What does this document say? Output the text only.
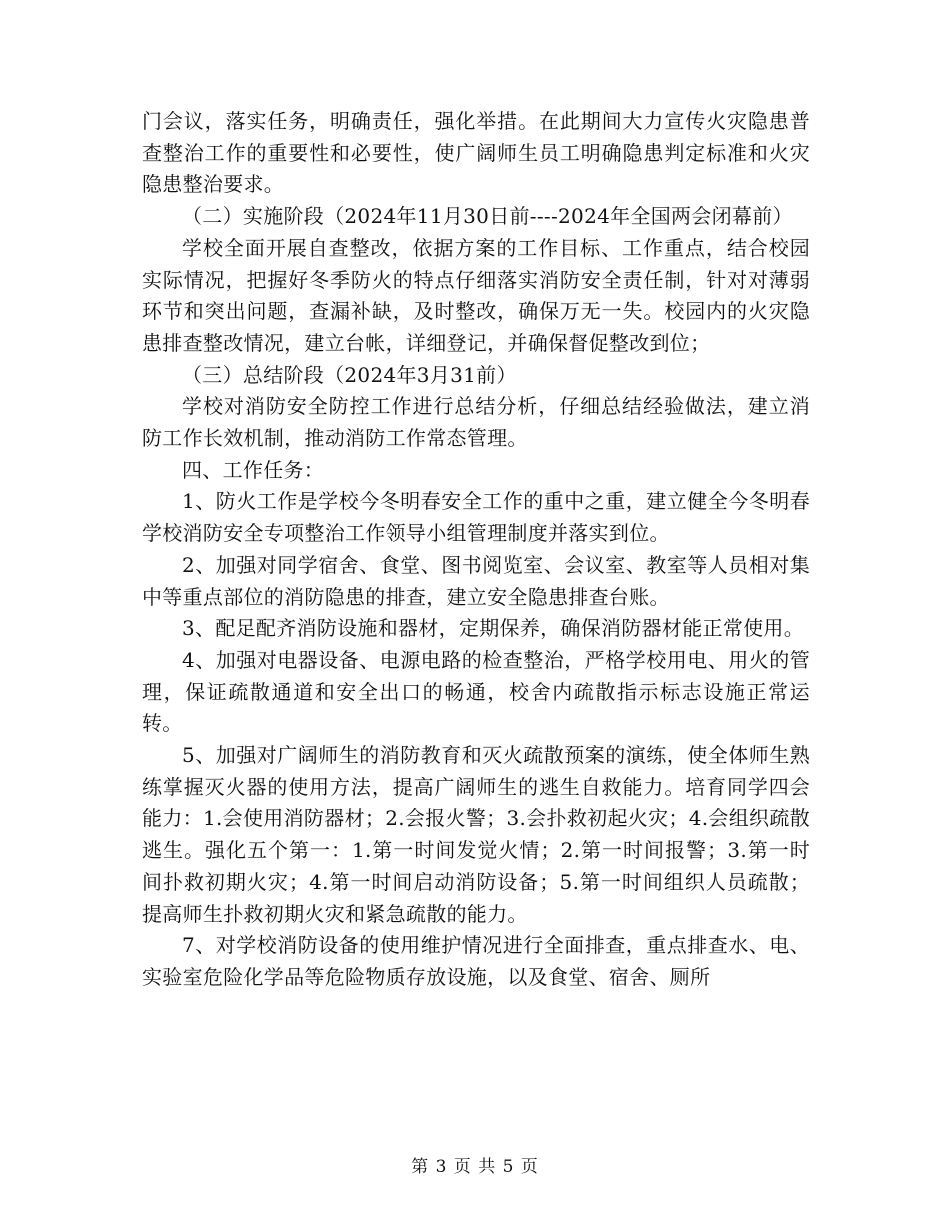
门会议，落实任务，明确责任，强化举措。在此期间大力宣传火灾隐患普查整治工作的重要性和必要性，使广阔师生员工明确隐患判定标准和火灾隐患整治要求。

（二）实施阶段（2024年11月30日前----2024年全国两会闭幕前）

学校全面开展自查整改，依据方案的工作目标、工作重点，结合校园实际情况，把握好冬季防火的特点仔细落实消防安全责任制，针对对薄弱环节和突出问题，查漏补缺，及时整改，确保万无一失。校园内的火灾隐患排查整改情况，建立台帐，详细登记，并确保督促整改到位；

（三）总结阶段（2024年3月31前）

学校对消防安全防控工作进行总结分析，仔细总结经验做法，建立消防工作长效机制，推动消防工作常态管理。

四、工作任务：

1、防火工作是学校今冬明春安全工作的重中之重，建立健全今冬明春学校消防安全专项整治工作领导小组管理制度并落实到位。

2、加强对同学宿舍、食堂、图书阅览室、会议室、教室等人员相对集中等重点部位的消防隐患的排查，建立安全隐患排查台账。

3、配足配齐消防设施和器材，定期保养，确保消防器材能正常使用。

4、加强对电器设备、电源电路的检查整治，严格学校用电、用火的管理，保证疏散通道和安全出口的畅通，校舍内疏散指示标志设施正常运转。

5、加强对广阔师生的消防教育和灭火疏散预案的演练，使全体师生熟练掌握灭火器的使用方法，提高广阔师生的逃生自救能力。培育同学四会能力：1.会使用消防器材；2.会报火警；3.会扑救初起火灾；4.会组织疏散逃生。强化五个第一：1.第一时间发觉火情；2.第一时间报警；3.第一时间扑救初期火灾；4.第一时间启动消防设备；5.第一时间组织人员疏散；提高师生扑救初期火灾和紧急疏散的能力。

7、对学校消防设备的使用维护情况进行全面排查，重点排查水、电、实验室危险化学品等危险物质存放设施，以及食堂、宿舍、厕所

第 3 页 共 5 页
